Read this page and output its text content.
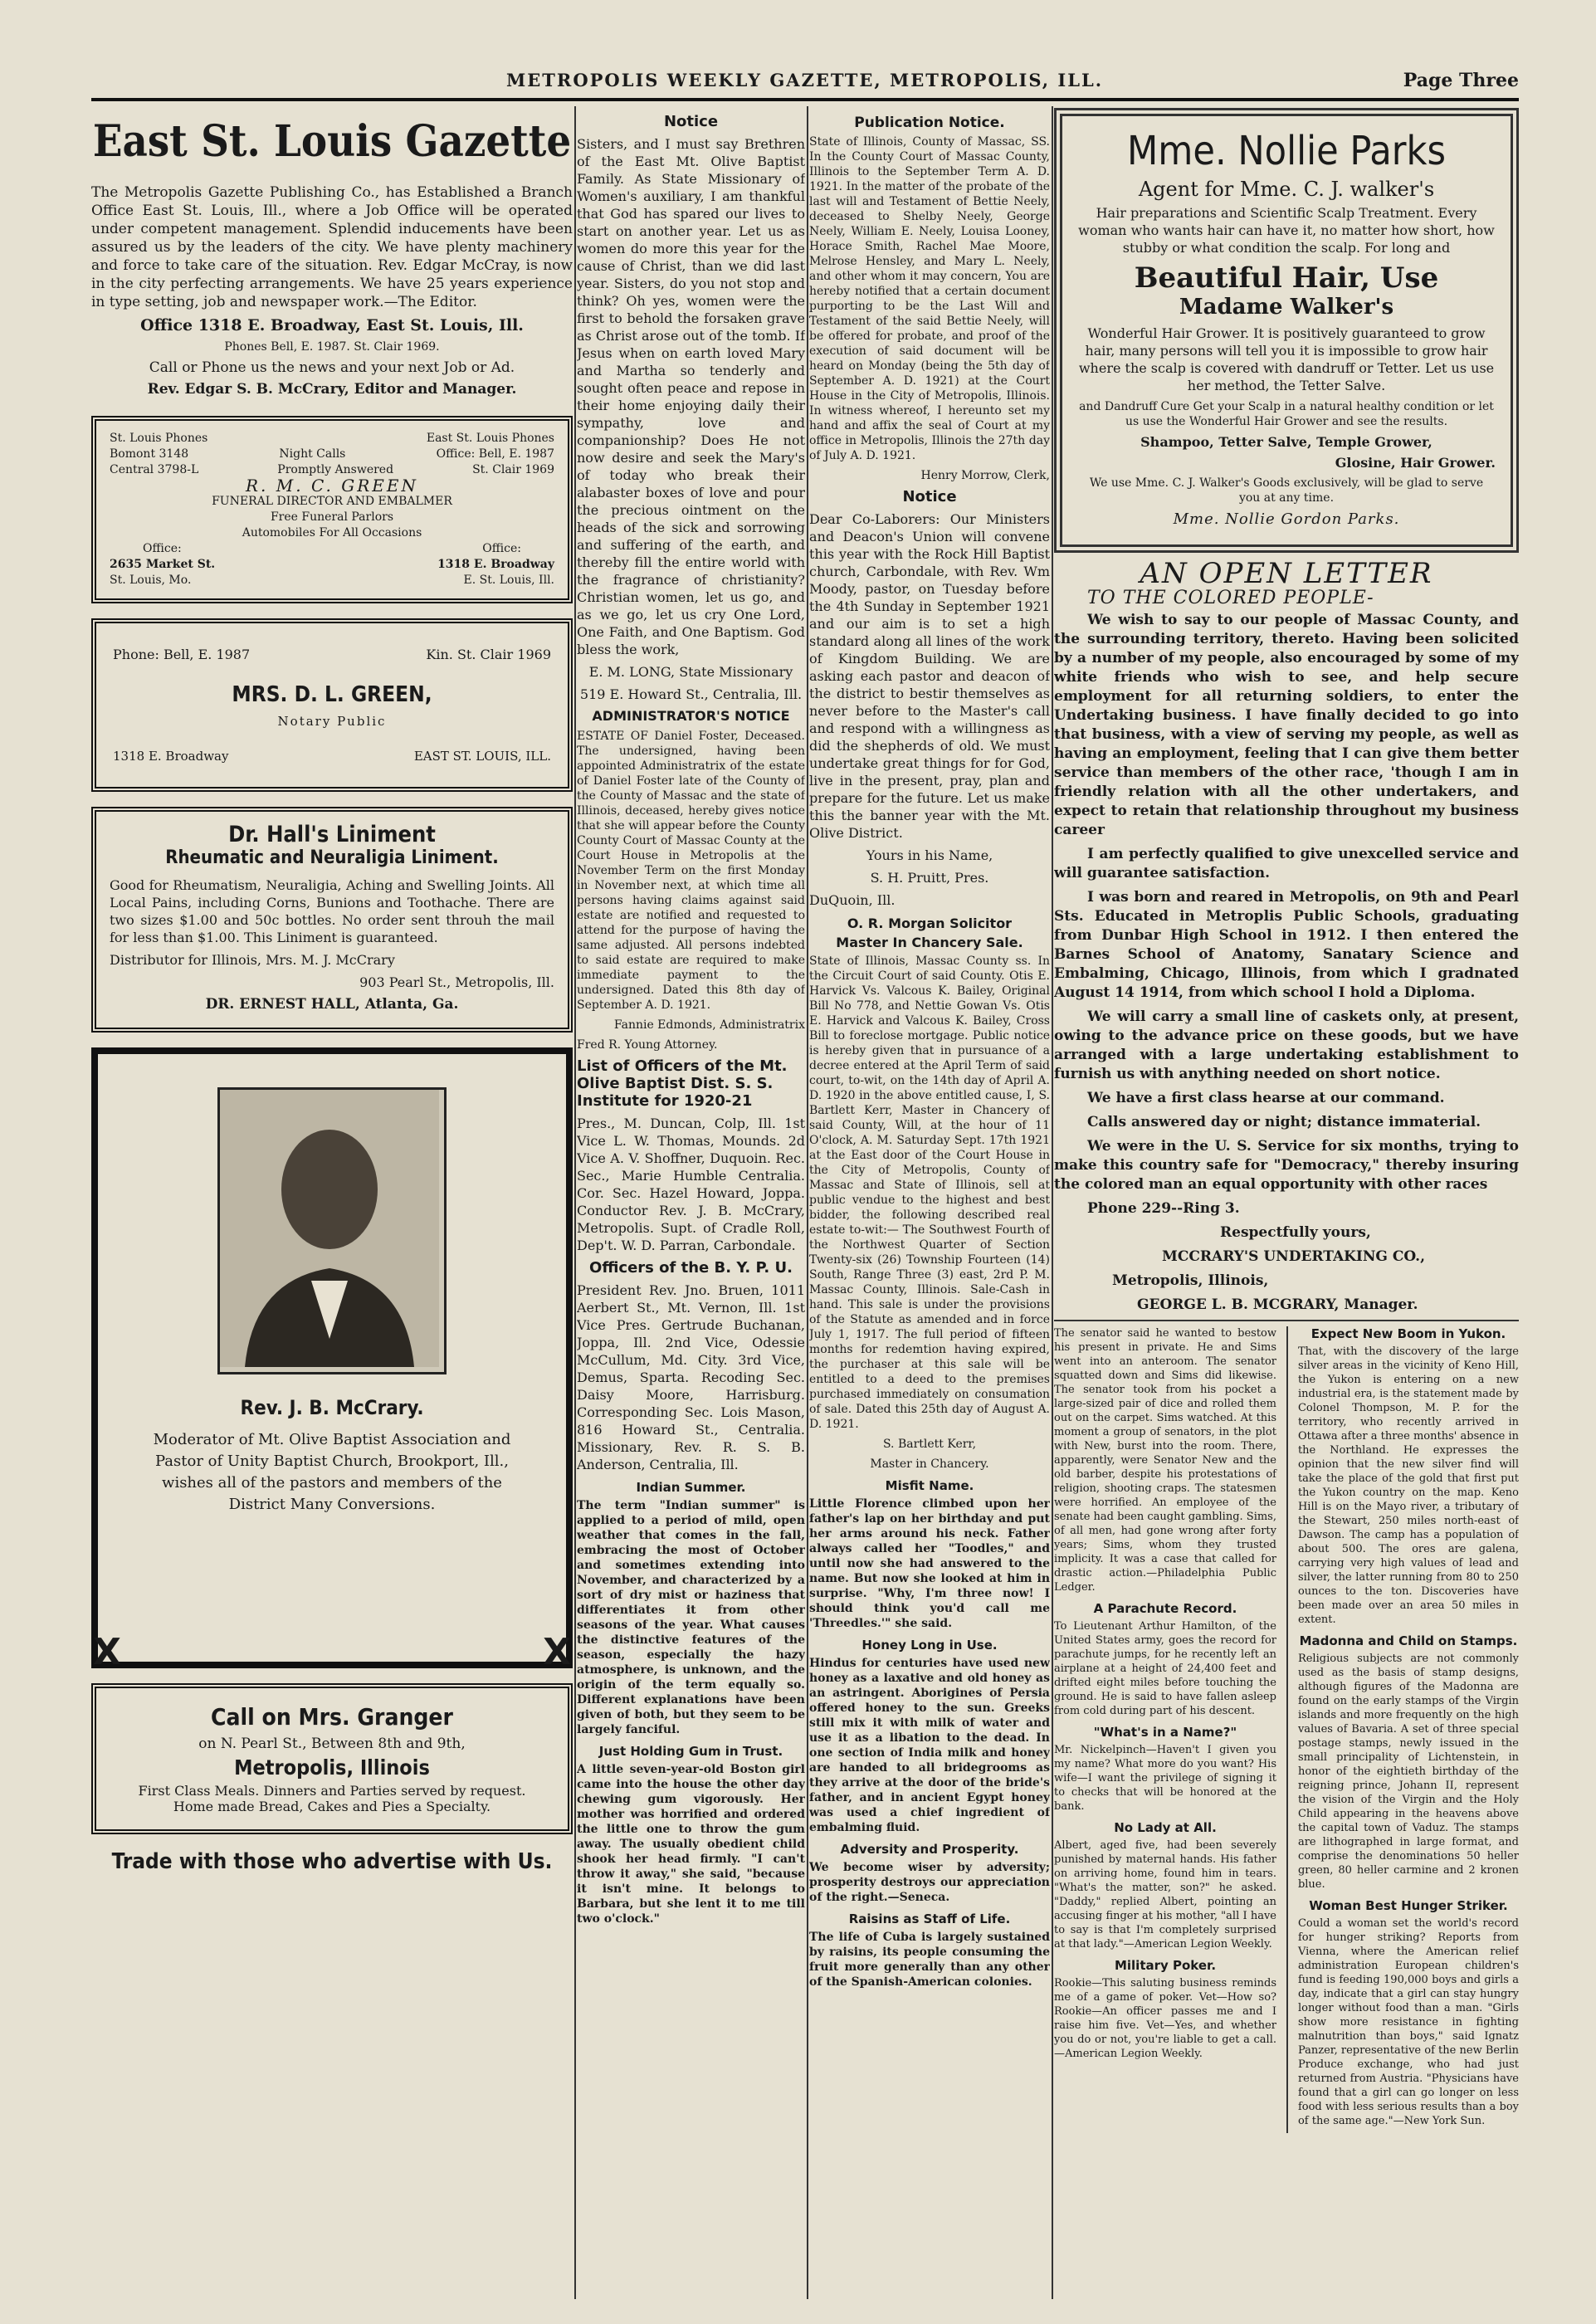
METROPOLIS WEEKLY GAZETTE, METROPOLIS, ILL.	Page Three
East St. Louis Gazette

The Metropolis Gazette Publishing Co., has Established a Branch Office East St. Louis, Ill., where a Job Office will be operated under competent management. Splendid inducements have been assured us by the leaders of the city. We have plenty machinery and force to take care of the situation. Rev. Edgar McCray, is now in the city perfecting arrangements. We have 25 years experience in type setting, job and newspaper work.—The Editor.

Office 1318 E. Broadway, East St. Louis, Ill.

Phones Bell, E. 1987. St. Clair 1969.

Call or Phone us the news and your next Job or Ad.

Rev. Edgar S. B. McCrary, Editor and Manager.

St. Louis Phones	East St. Louis Phones
Bomont 3148	Night Calls	Office: Bell, E. 1987
Central 3798-L	Promptly Answered	St. Clair 1969
R. M. C. GREEN
FUNERAL DIRECTOR AND EMBALMER
Free Funeral Parlors
Automobiles For All Occasions
Office:	Office:
2635 Market St.	1318 E. Broadway
St. Louis, Mo.	E. St. Louis, Ill.
Phone: Bell, E. 1987	Kin. St. Clair 1969
MRS. D. L. GREEN,
Notary Public
1318 E. Broadway	EAST ST. LOUIS, ILL.
Dr. Hall's Liniment
Rheumatic and Neuraligia Liniment.

Good for Rheumatism, Neuraligia, Aching and Swelling Joints. All Local Pains, including Corns, Bunions and Toothache. There are two sizes $1.00 and 50c bottles. No order sent throuh the mail for less than $1.00. This Liniment is guaranteed.

Distributor for Illinois, Mrs. M. J. McCrary

903 Pearl St., Metropolis, Ill.

DR. ERNEST HALL, Atlanta, Ga.

Rev. J. B. McCrary.

Moderator of Mt. Olive Baptist Association and Pastor of Unity Baptist Church, Brookport, Ill., wishes all of the pastors and members of the District Many Conversions.

X	X
Call on Mrs. Granger
on N. Pearl St., Between 8th and 9th,
Metropolis, Illinois
First Class Meals. Dinners and Parties served by request.
Home made Bread, Cakes and Pies a Specialty.
Trade with those who advertise with Us.
Notice

Sisters, and I must say Brethren of the East Mt. Olive Baptist Family. As State Missionary of Women's auxiliary, I am thankful that God has spared our lives to start on another year. Let us as women do more this year for the cause of Christ, than we did last year. Sisters, do you not stop and think? Oh yes, women were the first to behold the forsaken grave as Christ arose out of the tomb. If Jesus when on earth loved Mary and Martha so tenderly and sought often peace and repose in their home enjoying daily their sympathy, love and companionship? Does He not now desire and seek the Mary's of today who break their alabaster boxes of love and pour the precious ointment on the heads of the sick and sorrowing and suffering of the earth, and thereby fill the entire world with the fragrance of christianity? Christian women, let us go, and as we go, let us cry One Lord, One Faith, and One Baptism. God bless the work,

E. M. LONG, State Missionary

519 E. Howard St., Centralia, Ill.

ADMINISTRATOR'S NOTICE

ESTATE OF Daniel Foster, Deceased. The undersigned, having been appointed Administratrix of the estate of Daniel Foster late of the County of the County of Massac and the state of Illinois, deceased, hereby gives notice that she will appear before the County County Court of Massac County at the Court House in Metropolis at the November Term on the first Monday in November next, at which time all persons having claims against said estate are notified and requested to attend for the purpose of having the same adjusted. All persons indebted to said estate are required to make immediate payment to the undersigned. Dated this 8th day of September A. D. 1921.

Fannie Edmonds, Administratrix

Fred R. Young Attorney.

List of Officers of the Mt. Olive Baptist Dist. S. S. Institute for 1920-21

Pres., M. Duncan, Colp, Ill. 1st Vice L. W. Thomas, Mounds. 2d Vice A. V. Shoffner, Duquoin. Rec. Sec., Marie Humble Centralia. Cor. Sec. Hazel Howard, Joppa. Conductor Rev. J. B. McCrary, Metropolis. Supt. of Cradle Roll, Dep't. W. D. Parran, Carbondale.

Officers of the B. Y. P. U.

President Rev. Jno. Bruen, 1011 Aerbert St., Mt. Vernon, Ill. 1st Vice Pres. Gertrude Buchanan, Joppa, Ill. 2nd Vice, Odessie McCullum, Md. City. 3rd Vice, Demus, Sparta. Recoding Sec. Daisy Moore, Harrisburg. Corresponding Sec. Lois Mason, 816 Howard St., Centralia. Missionary, Rev. R. S. B. Anderson, Centralia, Ill.

Indian Summer.

The term "Indian summer" is applied to a period of mild, open weather that comes in the fall, embracing the most of October and sometimes extending into November, and characterized by a sort of dry mist or haziness that differentiates it from other seasons of the year. What causes the distinctive features of the season, especially the hazy atmosphere, is unknown, and the origin of the term equally so. Different explanations have been given of both, but they seem to be largely fanciful.

Just Holding Gum in Trust.

A little seven-year-old Boston girl came into the house the other day chewing gum vigorously. Her mother was horrified and ordered the little one to throw the gum away. The usually obedient child shook her head firmly. "I can't throw it away," she said, "because it isn't mine. It belongs to Barbara, but she lent it to me till two o'clock."

Publication Notice.

State of Illinois, County of Massac, SS. In the County Court of Massac County, Illinois to the September Term A. D. 1921. In the matter of the probate of the last will and Testament of Bettie Neely, deceased to Shelby Neely, George Neely, William E. Neely, Louisa Looney, Horace Smith, Rachel Mae Moore, Melrose Hensley, and Mary L. Neely, and other whom it may concern, You are hereby notified that a certain document purporting to be the Last Will and Testament of the said Bettie Neely, will be offered for probate, and proof of the execution of said document will be heard on Monday (being the 5th day of September A. D. 1921) at the Court House in the City of Metropolis, Illinois. In witness whereof, I hereunto set my hand and affix the seal of Court at my office in Metropolis, Illinois the 27th day of July A. D. 1921.

Henry Morrow, Clerk,

Notice

Dear Co-Laborers: Our Ministers and Deacon's Union will convene this year with the Rock Hill Baptist church, Carbondale, with Rev. Wm Moody, pastor, on Tuesday before the 4th Sunday in September 1921 and our aim is to set a high standard along all lines of the work of Kingdom Building. We are asking each pastor and deacon of the district to bestir themselves as never before to the Master's call and respond with a willingness as did the shepherds of old. We must undertake great things for for God, live in the present, pray, plan and prepare for the future. Let us make this the banner year with the Mt. Olive District.

Yours in his Name,

S. H. Pruitt, Pres.

DuQuoin, Ill.

O. R. Morgan Solicitor
Master In Chancery Sale.

State of Illinois, Massac County ss. In the Circuit Court of said County. Otis E. Harvick Vs. Valcous K. Bailey, Original Bill No 778, and Nettie Gowan Vs. Otis E. Harvick and Valcous K. Bailey, Cross Bill to foreclose mortgage. Public notice is hereby given that in pursuance of a decree entered at the April Term of said court, to-wit, on the 14th day of April A. D. 1920 in the above entitled cause, I, S. Bartlett Kerr, Master in Chancery of said County, Will, at the hour of 11 O'clock, A. M. Saturday Sept. 17th 1921 at the East door of the Court House in the City of Metropolis, County of Massac and State of Illinois, sell at public vendue to the highest and best bidder, the following described real estate to-wit:— The Southwest Fourth of the Northwest Quarter of Section Twenty-six (26) Township Fourteen (14) South, Range Three (3) east, 2rd P. M. Massac County, Illinois. Sale-Cash in hand. This sale is under the provisions of the Statute as amended and in force July 1, 1917. The full period of fifteen months for redemtion having expired, the purchaser at this sale will be entitled to a deed to the premises purchased immediately on consumation of sale. Dated this 25th day of August A. D. 1921.

S. Bartlett Kerr,

Master in Chancery.

Misfit Name.

Little Florence climbed upon her father's lap on her birthday and put her arms around his neck. Father always called her "Toodles," and until now she had answered to the name. But now she looked at him in surprise. "Why, I'm three now! I should think you'd call me 'Threedles.'" she said.

Honey Long in Use.

Hindus for centuries have used new honey as a laxative and old honey as an astringent. Aborigines of Persia offered honey to the sun. Greeks still mix it with milk of water and use it as a libation to the dead. In one section of India milk and honey are handed to all bridegrooms as they arrive at the door of the bride's father, and in ancient Egypt honey was used a chief ingredient of embalming fluid.

Adversity and Prosperity.

We become wiser by adversity; prosperity destroys our appreciation of the right.—Seneca.

Raisins as Staff of Life.

The life of Cuba is largely sustained by raisins, its people consuming the fruit more generally than any other of the Spanish-American colonies.

Mme. Nollie Parks
Agent for Mme. C. J. walker's

Hair preparations and Scientific Scalp Treatment. Every woman who wants hair can have it, no matter how short, how stubby or what condition the scalp. For long and

Beautiful Hair, Use
Madame Walker's

Wonderful Hair Grower. It is positively guaranteed to grow hair, many persons will tell you it is impossible to grow hair where the scalp is covered with dandruff or Tetter. Let us use her method, the Tetter Salve.

and Dandruff Cure Get your Scalp in a natural healthy condition or let us use the Wonderful Hair Grower and see the results.

Shampoo, Tetter Salve, Temple Grower,

Glosine, Hair Grower.

We use Mme. C. J. Walker's Goods exclusively, will be glad to serve you at any time.

Mme. Nollie Gordon Parks.

AN OPEN LETTER
TO THE COLORED PEOPLE-

We wish to say to our people of Massac County, and the surrounding territory, thereto. Having been solicited by a number of my people, also encouraged by some of my white friends who wish to see, and help secure employment for all returning soldiers, to enter the Undertaking business. I have finally decided to go into that business, with a view of serving my people, as well as having an employment, feeling that I can give them better service than members of the other race, 'though I am in friendly relation with all the other undertakers, and expect to retain that relationship throughout my business career

I am perfectly qualified to give unexcelled service and will guarantee satisfaction.

I was born and reared in Metropolis, on 9th and Pearl Sts. Educated in Metroplis Public Schools, graduating from Dunbar High School in 1912. I then entered the Barnes School of Anatomy, Sanatary Science and Embalming, Chicago, Illinois, from which I gradnated August 14 1914, from which school I hold a Diploma.

We will carry a small line of caskets only, at present, owing to the advance price on these goods, but we have arranged with a large undertaking establishment to furnish us with anything needed on short notice.

We have a first class hearse at our command.

Calls answered day or night; distance immaterial.

We were in the U. S. Service for six months, trying to make this country safe for "Democracy," thereby insuring the colored man an equal opportunity with other races

Phone 229--Ring 3.

Respectfully yours,

MCCRARY'S UNDERTAKING CO.,

Metropolis, Illinois,

GEORGE L. B. MCGRARY, Manager.

The senator said he wanted to bestow his present in private. He and Sims went into an anteroom. The senator squatted down and Sims did likewise. The senator took from his pocket a large-sized pair of dice and rolled them out on the carpet. Sims watched. At this moment a group of senators, in the plot with New, burst into the room. There, apparently, were Senator New and the old barber, despite his protestations of religion, shooting craps. The statesmen were horrified. An employee of the senate had been caught gambling. Sims, of all men, had gone wrong after forty years; Sims, whom they trusted implicity. It was a case that called for drastic action.—Philadelphia Public Ledger.

A Parachute Record.

To Lieutenant Arthur Hamilton, of the United States army, goes the record for parachute jumps, for he recently left an airplane at a height of 24,400 feet and drifted eight miles before touching the ground. He is said to have fallen asleep from cold during part of his descent.

"What's in a Name?"

Mr. Nickelpinch—Haven't I given you my name? What more do you want? His wife—I want the privilege of signing it to checks that will be honored at the bank.

No Lady at All.

Albert, aged five, had been severely punished by maternal hands. His father on arriving home, found him in tears. "What's the matter, son?" he asked. "Daddy," replied Albert, pointing an accusing finger at his mother, "all I have to say is that I'm completely surprised at that lady."—American Legion Weekly.

Military Poker.

Rookie—This saluting business reminds me of a game of poker. Vet—How so? Rookie—An officer passes me and I raise him five. Vet—Yes, and whether you do or not, you're liable to get a call.—American Legion Weekly.

Expect New Boom in Yukon.

That, with the discovery of the large silver areas in the vicinity of Keno Hill, the Yukon is entering on a new industrial era, is the statement made by Colonel Thompson, M. P. for the territory, who recently arrived in Ottawa after a three months' absence in the Northland. He expresses the opinion that the new silver find will take the place of the gold that first put the Yukon country on the map. Keno Hill is on the Mayo river, a tributary of the Stewart, 250 miles north-east of Dawson. The camp has a population of about 500. The ores are galena, carrying very high values of lead and silver, the latter running from 80 to 250 ounces to the ton. Discoveries have been made over an area 50 miles in extent.

Madonna and Child on Stamps.

Religious subjects are not commonly used as the basis of stamp designs, although figures of the Madonna are found on the early stamps of the Virgin islands and more frequently on the high values of Bavaria. A set of three special postage stamps, newly issued in the small principality of Lichtenstein, in honor of the eightieth birthday of the reigning prince, Johann II, represent the vision of the Virgin and the Holy Child appearing in the heavens above the capital town of Vaduz. The stamps are lithographed in large format, and comprise the denominations 50 heller green, 80 heller carmine and 2 kronen blue.

Woman Best Hunger Striker.

Could a woman set the world's record for hunger striking? Reports from Vienna, where the American relief administration European children's fund is feeding 190,000 boys and girls a day, indicate that a girl can stay hungry longer without food than a man. "Girls show more resistance in fighting malnutrition than boys," said Ignatz Panzer, representative of the new Berlin Produce exchange, who had just returned from Austria. "Physicians have found that a girl can go longer on less food with less serious results than a boy of the same age."—New York Sun.
